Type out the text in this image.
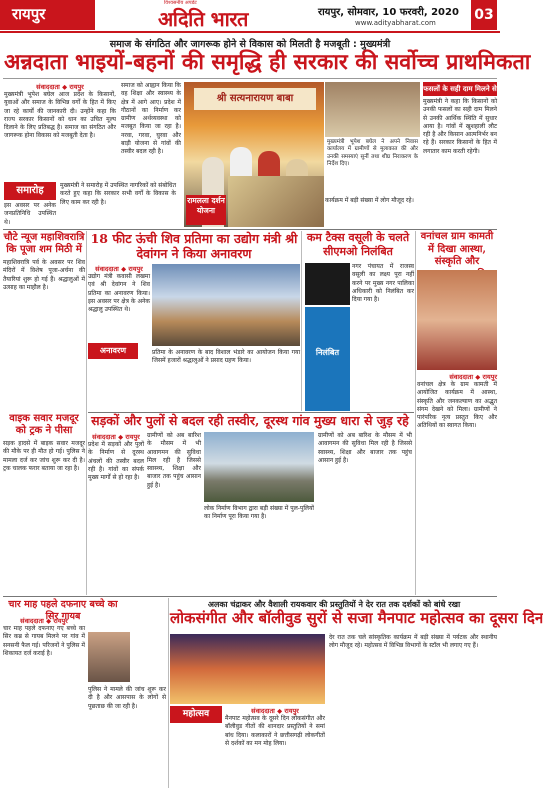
रायपुर
विश्वसनीय अपडेट
अदिति भारत	रायपुर, सोमवार, 10 फरवरी, 2020
www.adityabharat.com	03
समाज के संगठित और जागरूक होने से विकास को मिलती है मजबूती : मुख्यमंत्री
अन्नदाता भाइयों-बहनों की समृद्धि ही सरकार की सर्वोच्च प्राथमिकता
संवाददाता ◆ रायपुर
मुख्यमंत्री भूपेश बघेल आज प्रदेश के किसानों, युवाओं और समाज के विभिन्न वर्गों के हित में किए जा रहे कार्यों की जानकारी दी। उन्होंने कहा कि राज्य सरकार किसानों को धान का उचित मूल्य दिलाने के लिए प्रतिबद्ध है। समाज का संगठित और जागरूक होना विकास को मजबूती देता है।
समाज को आह्वान किया कि वह शिक्षा और स्वास्थ्य के क्षेत्र में आगे आए। प्रदेश में गौठानों का निर्माण कर ग्रामीण अर्थव्यवस्था को मजबूत किया जा रहा है। नरवा, गरवा, घुरवा और बाड़ी योजना से गांवों की तस्वीर बदल रही है।
समारोह	मुख्यमंत्री ने समारोह में उपस्थित नागरिकों को संबोधित करते हुए कहा कि सरकार सभी वर्गों के विकास के लिए काम कर रही है।
इस अवसर पर अनेक जनप्रतिनिधि उपस्थित थे।
श्री सत्यनारायण बाबा
रामलला दर्शन योजना
मुख्यमंत्री भूपेश बघेल ने अपने निवास कार्यालय में ग्रामीणों से मुलाकात की और उनकी समस्याएं सुनीं तथा शीघ्र निराकरण के निर्देश दिए।
कार्यक्रम में बड़ी संख्या में लोग मौजूद रहे।
फसलों के सही दाम मिलने से
मुख्यमंत्री ने कहा कि किसानों को उनकी फसलों का सही दाम मिलने से उनकी आर्थिक स्थिति में सुधार आया है। गांवों में खुशहाली लौट रही है और किसान आत्मनिर्भर बन रहे हैं। सरकार किसानों के हित में लगातार काम करती रहेगी।
चौटे न्यूज महाशिवरात्रि कि पूजा शम मिठी में
महाशिवरात्रि पर्व के अवसर पर शिव मंदिरों में विशेष पूजा-अर्चना की तैयारियां शुरू हो गई हैं। श्रद्धालुओं में उत्साह का माहौल है।
वाइक सवार मजदूर को ट्रक ने पीसा
सड़क हादसे में बाइक सवार मजदूर की मौके पर ही मौत हो गई। पुलिस ने मामला दर्ज कर जांच शुरू कर दी है। ट्रक चालक फरार बताया जा रहा है।
18 फीट ऊंची शिव प्रतिमा का उद्योग मंत्री श्री देवांगन ने किया अनावरण
संवाददाता ◆ रायपुर
उद्योग मंत्री कवासी लखमा एवं श्री देवांगन ने शिव प्रतिमा का अनावरण किया। इस अवसर पर क्षेत्र के अनेक श्रद्धालु उपस्थित थे।
अनावरण	प्रतिमा के अनावरण के बाद विशाल भंडारे का आयोजन किया गया जिसमें हजारों श्रद्धालुओं ने प्रसाद ग्रहण किया।
कम टैक्स वसूली के चलते सीएमओ निलंबित
नगर पंचायत में राजस्व वसूली का लक्ष्य पूरा नहीं करने पर मुख्य नगर पालिका अधिकारी को निलंबित कर दिया गया है।
निलंबित
वनांचल ग्राम कामती में दिखा आस्था, संस्कृति और
संवाददाता ◆ रायपुर
वनांचल क्षेत्र के ग्राम कामती में आयोजित कार्यक्रम में आस्था, संस्कृति और जनकल्याण का अद्भुत संगम देखने को मिला। ग्रामीणों ने पारंपरिक नृत्य प्रस्तुत किए और अतिथियों का स्वागत किया।
सड़कों और पुलों से बदल रही तस्वीर, दूरस्थ गांव मुख्य धारा से जुड़ रहे
संवाददाता ◆ रायपुर
प्रदेश में सड़कों और पुलों के निर्माण से दूरस्थ अंचलों की तस्वीर बदल रही है। गांवों का संपर्क मुख्य मार्गों से हो रहा है।
ग्रामीणों को अब बारिश के मौसम में भी आवागमन की सुविधा मिल रही है जिससे स्वास्थ्य, शिक्षा और बाजार तक पहुंच आसान हुई है।
लोक निर्माण विभाग द्वारा बड़ी संख्या में पुल-पुलियों का निर्माण पूरा किया गया है।
ग्रामीणों को अब बारिश के मौसम में भी आवागमन की सुविधा मिल रही है जिससे स्वास्थ्य, शिक्षा और बाजार तक पहुंच आसान हुई है।
चार माह पहले दफनाए बच्चे का सिर गायब
संवाददाता ◆ रायपुर
चार माह पहले दफनाए गए बच्चे का सिर कब्र से गायब मिलने पर गांव में सनसनी फैल गई। परिजनों ने पुलिस में शिकायत दर्ज कराई है।
पुलिस ने मामले की जांच शुरू कर दी है और आसपास के लोगों से पूछताछ की जा रही है।
अलका चंद्राकर और वैशाली रायकवार की प्रस्तुतियों ने देर रात तक दर्शकों को बांधे रखा
लोकसंगीत और बॉलीवुड सुरों से सजा मैनपाट महोत्सव का दूसरा दिन
महोत्सव	संवाददाता ◆ रायपुर
मैनपाट महोत्सव के दूसरे दिन लोकसंगीत और बॉलीवुड गीतों की शानदार प्रस्तुतियों ने समां बांध दिया। कलाकारों ने छत्तीसगढ़ी लोकगीतों से दर्शकों का मन मोह लिया।
देर रात तक चले सांस्कृतिक कार्यक्रम में बड़ी संख्या में पर्यटक और स्थानीय लोग मौजूद रहे। महोत्सव में विभिन्न विभागों के स्टॉल भी लगाए गए हैं।
